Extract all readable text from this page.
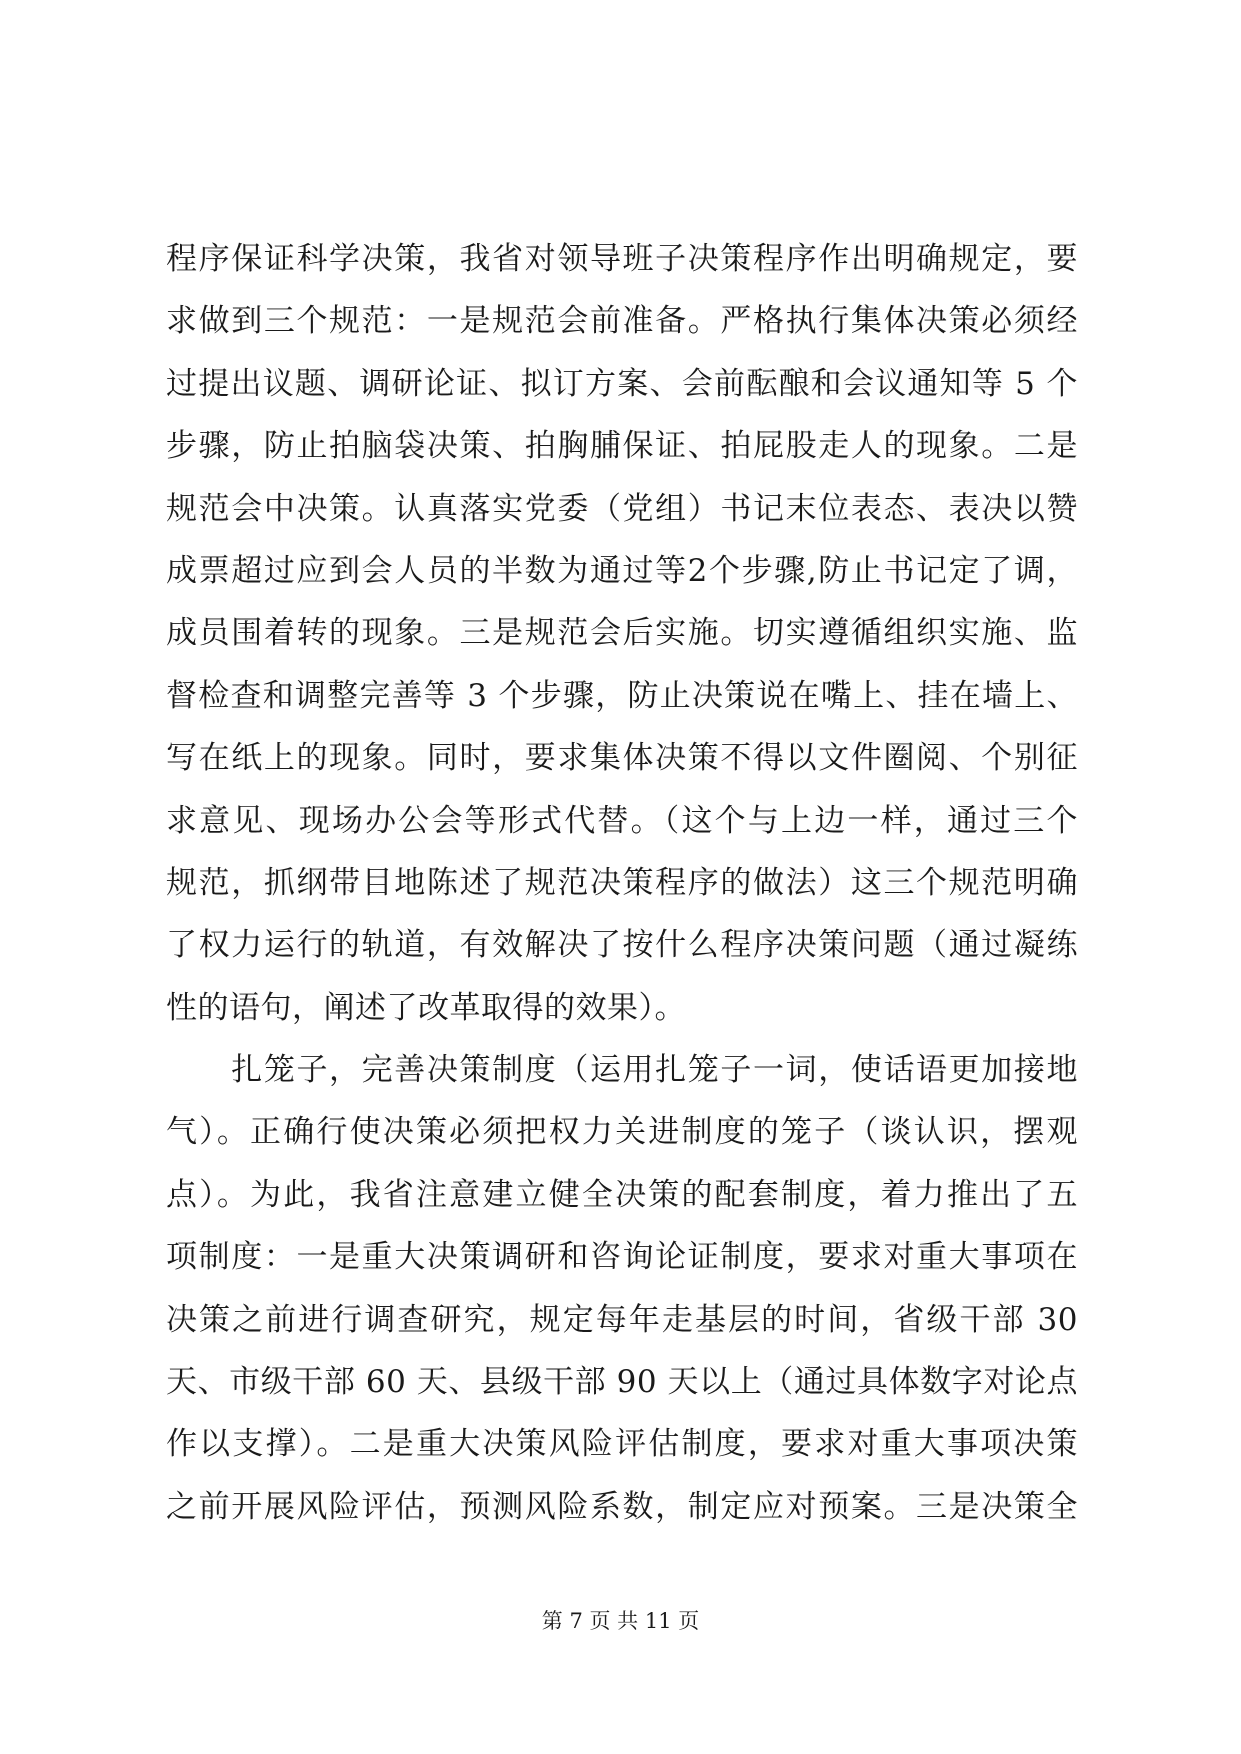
程序保证科学决策，我省对领导班子决策程序作出明确规定，要
求做到三个规范：一是规范会前准备。严格执行集体决策必须经
过提出议题、调研论证、拟订方案、会前酝酿和会议通知等 5 个
步骤，防止拍脑袋决策、拍胸脯保证、拍屁股走人的现象。二是
规范会中决策。认真落实党委（党组）书记末位表态、表决以赞
成票超过应到会人员的半数为通过等2个步骤,防止书记定了调，
成员围着转的现象。三是规范会后实施。切实遵循组织实施、监
督检查和调整完善等 3 个步骤，防止决策说在嘴上、挂在墙上、
写在纸上的现象。同时，要求集体决策不得以文件圈阅、个别征
求意见、现场办公会等形式代替。（这个与上边一样，通过三个
规范，抓纲带目地陈述了规范决策程序的做法）这三个规范明确
了权力运行的轨道，有效解决了按什么程序决策问题（通过凝练
性的语句，阐述了改革取得的效果）。
　　扎笼子，完善决策制度（运用扎笼子一词，使话语更加接地
气）。正确行使决策必须把权力关进制度的笼子（谈认识，摆观
点）。为此，我省注意建立健全决策的配套制度，着力推出了五
项制度：一是重大决策调研和咨询论证制度，要求对重大事项在
决策之前进行调查研究，规定每年走基层的时间，省级干部 30
天、市级干部 60 天、县级干部 90 天以上（通过具体数字对论点
作以支撑）。二是重大决策风险评估制度，要求对重大事项决策
之前开展风险评估，预测风险系数，制定应对预案。三是决策全
第 7 页 共 11 页
